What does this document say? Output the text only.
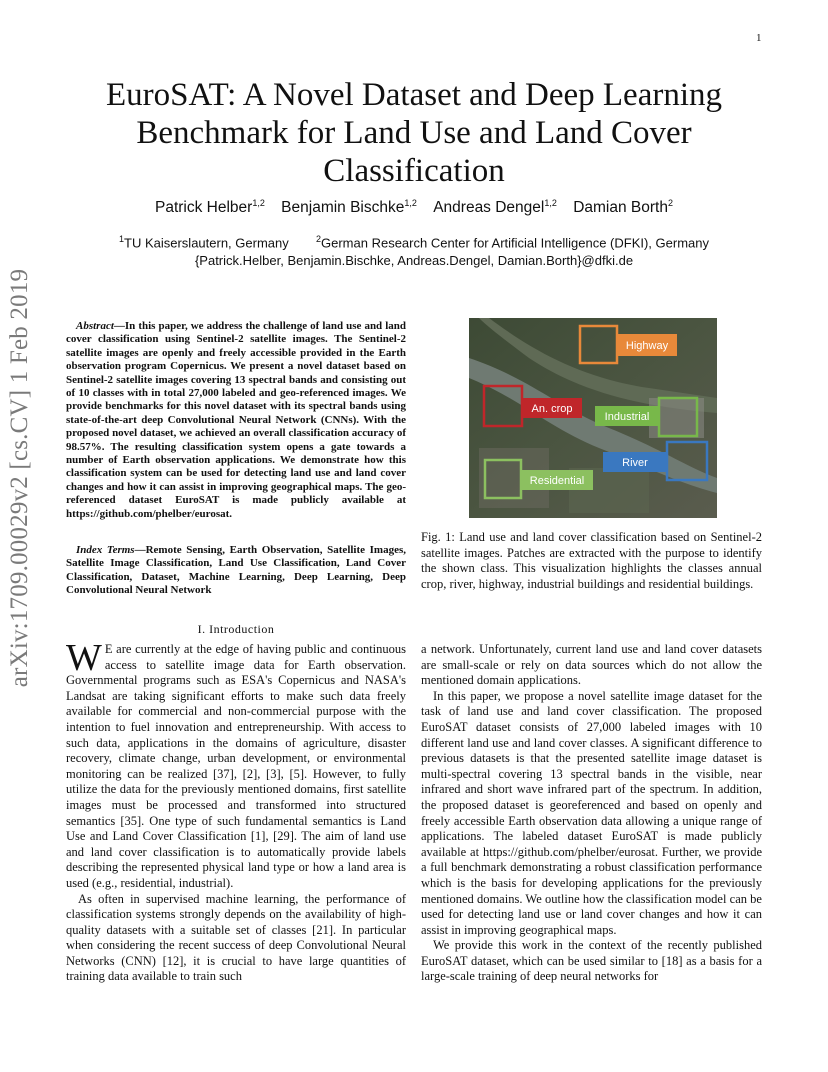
1
arXiv:1709.00029v2 [cs.CV] 1 Feb 2019
EuroSAT: A Novel Dataset and Deep Learning Benchmark for Land Use and Land Cover Classification
Patrick Helber$^{1,2}$ Benjamin Bischke$^{1,2}$ Andreas Dengel$^{1,2}$ Damian Borth$^2$
$^1$TU Kaiserslautern, Germany	$^2$German Research Center for Artificial Intelligence (DFKI), Germany
{Patrick.Helber, Benjamin.Bischke, Andreas.Dengel, Damian.Borth}@dfki.de
Abstract—In this paper, we address the challenge of land use and land cover classification using Sentinel-2 satellite images. The Sentinel-2 satellite images are openly and freely accessible provided in the Earth observation program Copernicus. We present a novel dataset based on Sentinel-2 satellite images covering 13 spectral bands and consisting out of 10 classes with in total 27,000 labeled and geo-referenced images. We provide benchmarks for this novel dataset with its spectral bands using state-of-the-art deep Convolutional Neural Network (CNNs). With the proposed novel dataset, we achieved an overall classification accuracy of 98.57%. The resulting classification system opens a gate towards a number of Earth observation applications. We demonstrate how this classification system can be used for detecting land use and land cover changes and how it can assist in improving geographical maps. The geo-referenced dataset EuroSAT is made publicly available at https://github.com/phelber/eurosat.
Index Terms—Remote Sensing, Earth Observation, Satellite Images, Satellite Image Classification, Land Use Classification, Land Cover Classification, Dataset, Machine Learning, Deep Learning, Deep Convolutional Neural Network
I. Introduction

W E are currently at the edge of having public and continuous access to satellite image data for Earth observation. Governmental programs such as ESA's Copernicus and NASA's Landsat are taking significant efforts to make such data freely available for commercial and non-commercial purpose with the intention to fuel innovation and entrepreneurship. With access to such data, applications in the domains of agriculture, disaster recovery, climate change, urban development, or environmental monitoring can be realized [37], [2], [3], [5]. However, to fully utilize the data for the previously mentioned domains, first satellite images must be processed and transformed into structured semantics [35]. One type of such fundamental semantics is Land Use and Land Cover Classification [1], [29]. The aim of land use and land cover classification is to automatically provide labels describing the represented physical land type or how a land area is used (e.g., residential, industrial).

As often in supervised machine learning, the performance of classification systems strongly depends on the availability of high-quality datasets with a suitable set of classes [21]. In particular when considering the recent success of deep Convolutional Neural Networks (CNN) [12], it is crucial to have large quantities of training data available to train such

Highway
An. crop
Industrial
River
Residential
Fig. 1: Land use and land cover classification based on Sentinel-2 satellite images. Patches are extracted with the purpose to identify the shown class. This visualization highlights the classes annual crop, river, highway, industrial buildings and residential buildings.

a network. Unfortunately, current land use and land cover datasets are small-scale or rely on data sources which do not allow the mentioned domain applications.

In this paper, we propose a novel satellite image dataset for the task of land use and land cover classification. The proposed EuroSAT dataset consists of 27,000 labeled images with 10 different land use and land cover classes. A significant difference to previous datasets is that the presented satellite image dataset is multi-spectral covering 13 spectral bands in the visible, near infrared and short wave infrared part of the spectrum. In addition, the proposed dataset is georeferenced and based on openly and freely accessible Earth observation data allowing a unique range of applications. The labeled dataset EuroSAT is made publicly available at https://github.com/phelber/eurosat. Further, we provide a full benchmark demonstrating a robust classification performance which is the basis for developing applications for the previously mentioned domains. We outline how the classification model can be used for detecting land use or land cover changes and how it can assist in improving geographical maps.

We provide this work in the context of the recently published EuroSAT dataset, which can be used similar to [18] as a basis for a large-scale training of deep neural networks for
